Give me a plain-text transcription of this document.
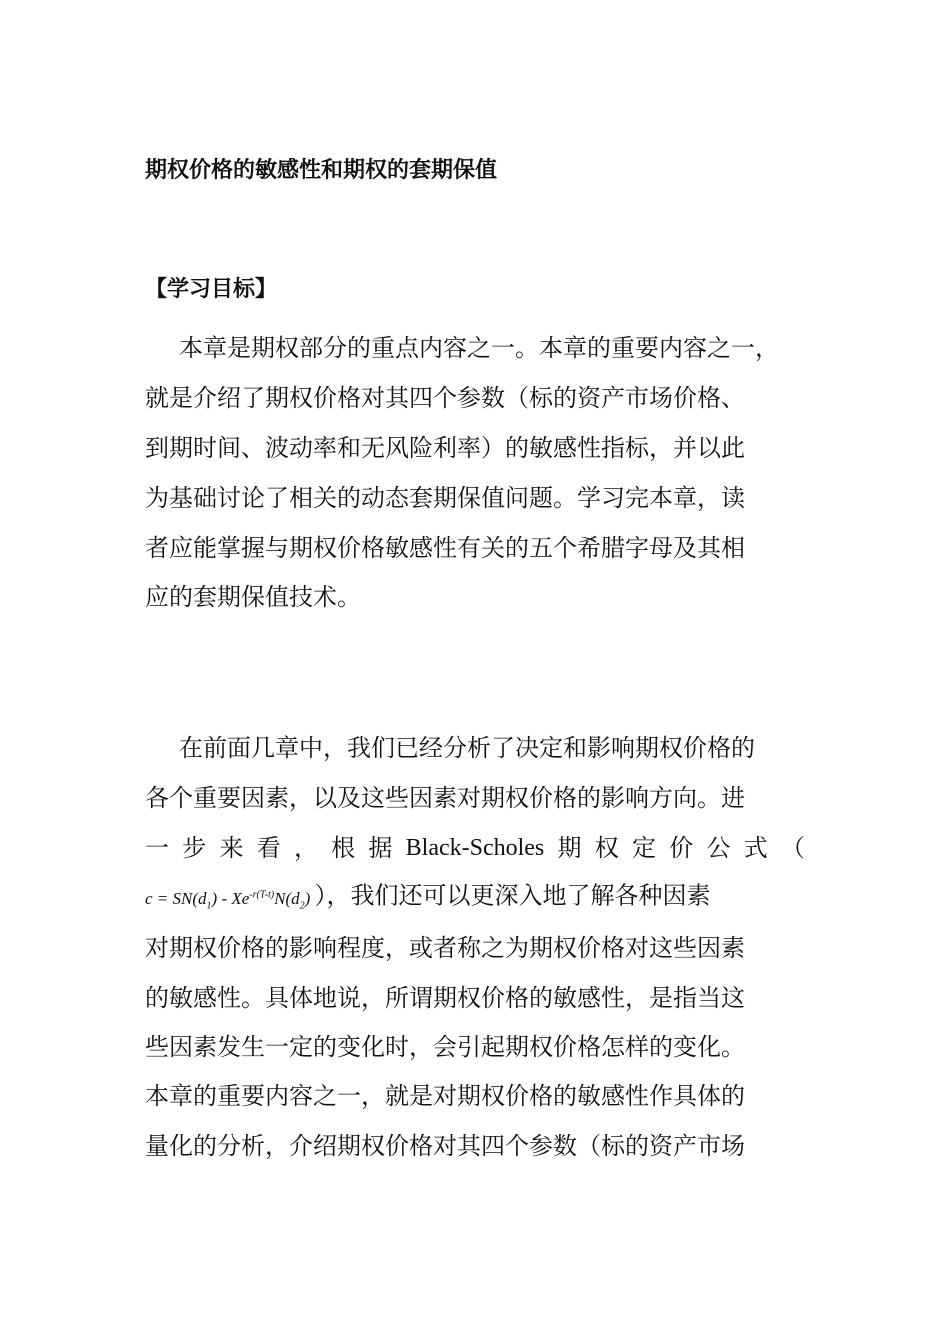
期权价格的敏感性和期权的套期保值
【学习目标】
本章是期权部分的重点内容之一。本章的重要内容之一，
就是介绍了期权价格对其四个参数（标的资产市场价格、
到期时间、波动率和无风险利率）的敏感性指标，并以此
为基础讨论了相关的动态套期保值问题。学习完本章，读
者应能掌握与期权价格敏感性有关的五个希腊字母及其相
应的套期保值技术。
在前面几章中，我们已经分析了决定和影响期权价格的
各个重要因素，以及这些因素对期权价格的影响方向。进
一 步 来 看 ， 根 据 Black-Scholes 期 权 定 价 公 式 （
$c = SN(d_1) - Xe^{-r(T-t)}N(d_2)$ ），我们还可以更深入地了解各种因素
对期权价格的影响程度，或者称之为期权价格对这些因素
的敏感性。具体地说，所谓期权价格的敏感性，是指当这
些因素发生一定的变化时，会引起期权价格怎样的变化。
本章的重要内容之一，就是对期权价格的敏感性作具体的
量化的分析，介绍期权价格对其四个参数（标的资产市场
